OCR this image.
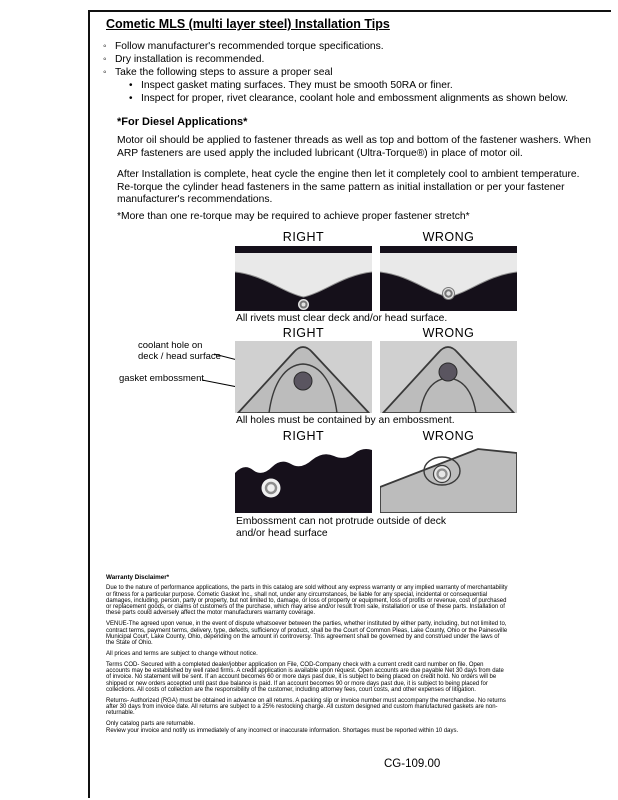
Cometic MLS (multi layer steel) Installation Tips
◦ Follow manufacturer's recommended torque specifications.
◦ Dry installation is recommended.
◦ Take the following steps to assure a proper seal
• Inspect gasket mating surfaces. They must be smooth 50RA or finer.
• Inspect for proper, rivet clearance, coolant hole and embossment alignments as shown below.
*For Diesel Applications*
Motor oil should be applied to fastener threads as well as top and bottom of the fastener washers. When ARP fasteners are used apply the included lubricant (Ultra-Torque®) in place of motor oil.
After Installation is complete, heat cycle the engine then let it completely cool to ambient temperature. Re-torque the cylinder head fasteners in the same pattern as initial installation or per your fastener manufacturer's recommendations.
*More than one re-torque may be required to achieve proper fastener stretch*
RIGHT	WRONG
All rivets must clear deck and/or head surface.
RIGHT	WRONG
coolant hole on deck / head surface
gasket embossment
All holes must be contained by an embossment.
RIGHT	WRONG
Embossment can not protrude outside of deck and/or head surface

Warranty Disclaimer*

Due to the nature of performance applications, the parts in this catalog are sold without any express warranty or any implied warranty of merchantability or fitness for a particular purpose. Cometic Gasket Inc., shall not, under any circumstances, be liable for any special, incidental or consequential damages, including, person, party or property, but not limited to, damage, or loss of property or equipment, loss of profits or revenue, cost of purchased or replacement goods, or claims of customers of the purchase, which may arise and/or result from sale, installation or use of these parts. Installation of these parts could adversely affect the motor manufacturers warranty coverage.

VENUE-The agreed upon venue, in the event of dispute whatsoever between the parties, whether instituted by either party, including, but not limited to, contract terms, payment terms, delivery, type, defects, sufficiency of product, shall be the Court of Common Pleas, Lake County, Ohio or the Painesville Municipal Court, Lake County, Ohio, depending on the amount in controversy. This agreement shall be governed by and construed under the laws of the State of Ohio.

All prices and terms are subject to change without notice.

Terms COD- Secured with a completed dealer/jobber application on File, COD-Company check with a current credit card number on file. Open accounts may be established by well rated firms. A credit application is available upon request. Open accounts are due payable Net 30 days from date of invoice. No statement will be sent. If an account becomes 60 or more days past due, it is subject to being placed on credit hold. No orders will be shipped or new orders accepted until past due balance is paid. If an account becomes 90 or more days past due, it is subject to being placed for collections. All costs of collection are the responsibility of the customer, including attorney fees, court costs, and other expenses of litigation.

Returns- Authorized (RGA) must be obtained in advance on all returns. A packing slip or invoice number must accompany the merchandise. No returns after 30 days from invoice date. All returns are subject to a 25% restocking charge. All custom designed and custom manufactured gaskets are non-returnable.

Only catalog parts are returnable.

Review your invoice and notify us immediately of any incorrect or inaccurate information. Shortages must be reported within 10 days.

CG-109.00
